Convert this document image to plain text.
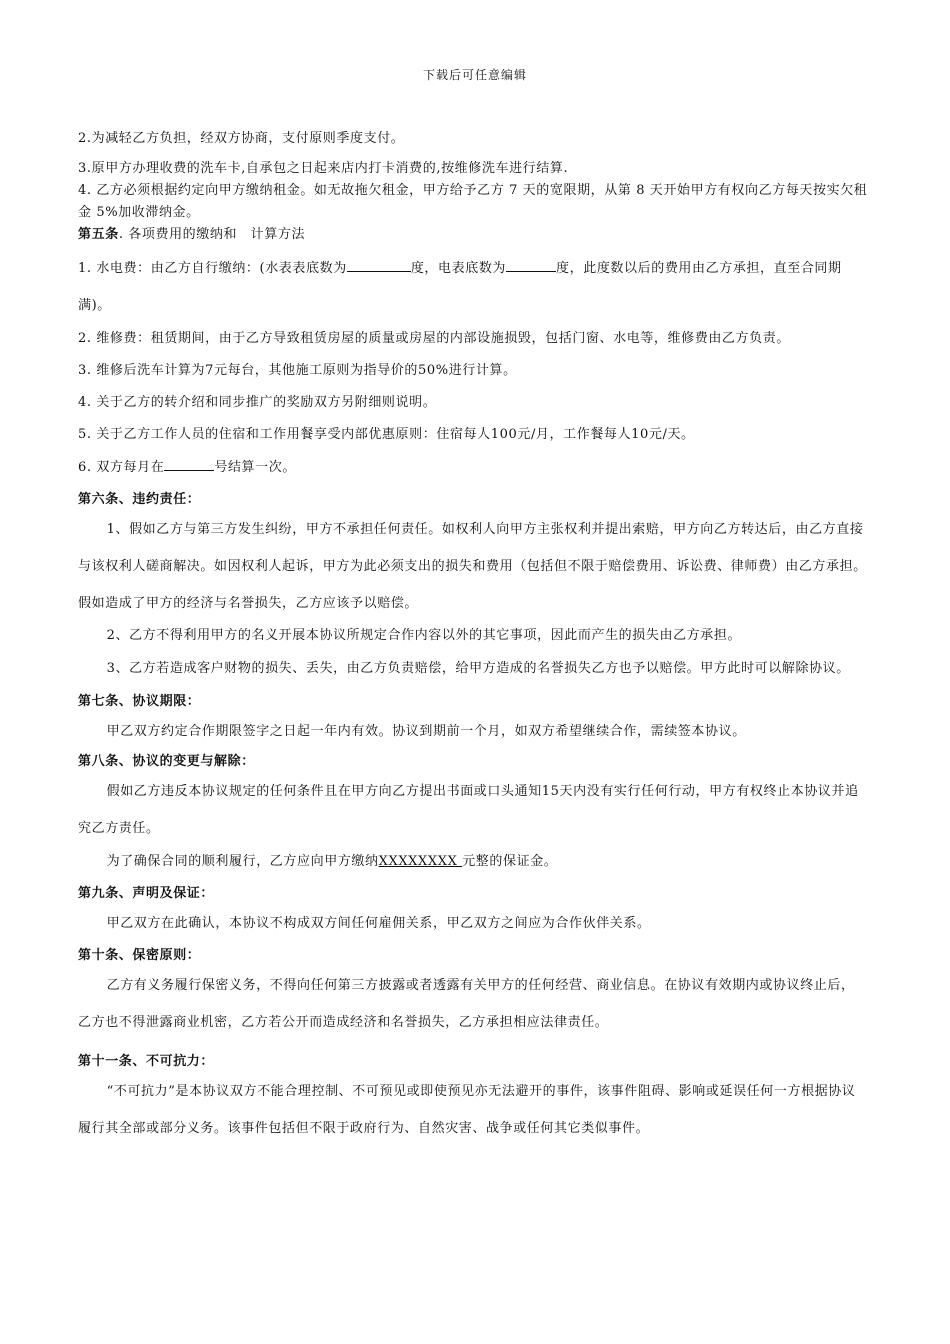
下载后可任意编辑

2.为减轻乙方负担，经双方协商，支付原则季度支付。

3.原甲方办理收费的洗车卡,自承包之日起来店内打卡消费的,按维修洗车进行结算.

4. 乙方必须根据约定向甲方缴纳租金。如无故拖欠租金，甲方给予乙方 7 天的宽限期，从第 8 天开始甲方有权向乙方每天按实欠租金 5%加收滞纳金。

第五条. 各项费用的缴纳和　计算方法

1. 水电费：由乙方自行缴纳：(水表表底数为	度，电表底数为	度，此度数以后的费用由乙方承担，直至合同期满)。

2. 维修费：租赁期间，由于乙方导致租赁房屋的质量或房屋的内部设施损毁，包括门窗、水电等，维修费由乙方负责。

3. 维修后洗车计算为7元每台，其他施工原则为指导价的50%进行计算。

4. 关于乙方的转介绍和同步推广的奖励双方另附细则说明。

5. 关于乙方工作人员的住宿和工作用餐享受内部优惠原则：住宿每人100元/月，工作餐每人10元/天。

6. 双方每月在	号结算一次。

第六条、违约责任：

1、假如乙方与第三方发生纠纷，甲方不承担任何责任。如权利人向甲方主张权利并提出索赔，甲方向乙方转达后，由乙方直接与该权利人磋商解决。如因权利人起诉，甲方为此必须支出的损失和费用（包括但不限于赔偿费用、诉讼费、律师费）由乙方承担。假如造成了甲方的经济与名誉损失，乙方应该予以赔偿。

2、乙方不得利用甲方的名义开展本协议所规定合作内容以外的其它事项，因此而产生的损失由乙方承担。

3、乙方若造成客户财物的损失、丢失，由乙方负责赔偿，给甲方造成的名誉损失乙方也予以赔偿。甲方此时可以解除协议。

第七条、协议期限：

甲乙双方约定合作期限签字之日起一年内有效。协议到期前一个月，如双方希望继续合作，需续签本协议。

第八条、协议的变更与解除：

假如乙方违反本协议规定的任何条件且在甲方向乙方提出书面或口头通知15天内没有实行任何行动，甲方有权终止本协议并追究乙方责任。

为了确保合同的顺利履行，乙方应向甲方缴纳XXXXXXXX 元整的保证金。

第九条、声明及保证：

甲乙双方在此确认，本协议不构成双方间任何雇佣关系，甲乙双方之间应为合作伙伴关系。

第十条、保密原则：

乙方有义务履行保密义务，不得向任何第三方披露或者透露有关甲方的任何经营、商业信息。在协议有效期内或协议终止后，乙方也不得泄露商业机密，乙方若公开而造成经济和名誉损失，乙方承担相应法律责任。

第十一条、不可抗力：

“不可抗力”是本协议双方不能合理控制、不可预见或即使预见亦无法避开的事件，该事件阻碍、影响或延误任何一方根据协议履行其全部或部分义务。该事件包括但不限于政府行为、自然灾害、战争或任何其它类似事件。
